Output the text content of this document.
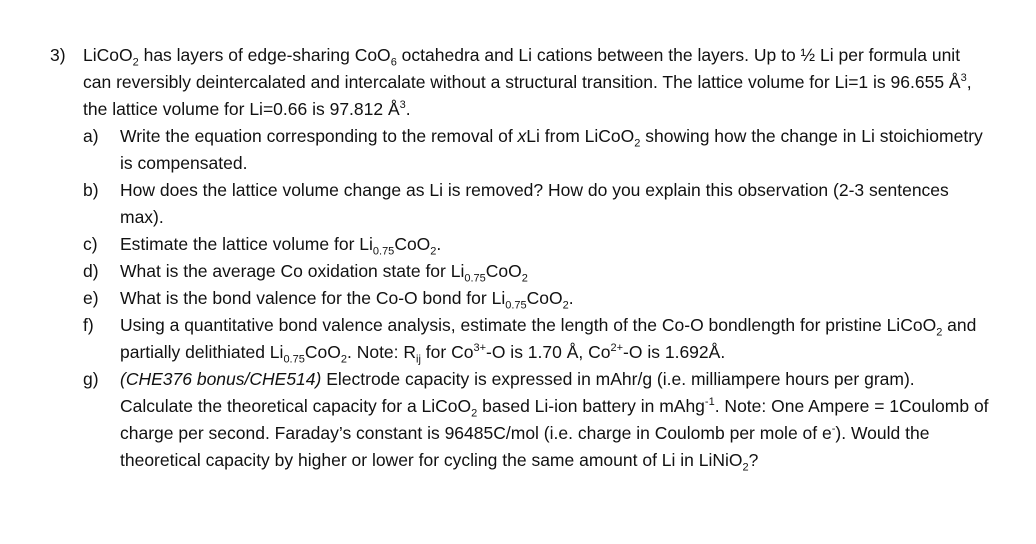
3) LiCoO$_2$ has layers of edge-sharing CoO$_6$ octahedra and Li cations between the layers. Up to ½ Li per formula unit can reversibly deintercalated and intercalate without a structural transition. The lattice volume for Li=1 is 96.655 $Å^3$, the lattice volume for Li=0.66 is 97.812 $Å^3$.
a)	Write the equation corresponding to the removal of xLi from LiCoO$_2$ showing how the change in Li stoichiometry is compensated.
b)	How does the lattice volume change as Li is removed? How do you explain this observation (2-3 sentences max).
c)	Estimate the lattice volume for $Li_{0.75}CoO_2$.
d)	What is the average Co oxidation state for $Li_{0.75}CoO_2$
e)	What is the bond valence for the Co-O bond for $Li_{0.75}CoO_2$.
f)	Using a quantitative bond valence analysis, estimate the length of the Co-O bondlength for pristine LiCoO$_2$ and partially delithiated $Li_{0.75}CoO_2$. Note: $R_{ij}$ for $Co^{3+}-O$ is 1.70 Å, $Co^{2+}-O$ is 1.692Å.
g)	(CHE376 bonus/CHE514) Electrode capacity is expressed in mAhr/g (i.e. milliampere hours per gram). Calculate the theoretical capacity for a LiCoO$_2$ based Li-ion battery in mAhg$^{-1}$. Note: One Ampere = 1Coulomb of charge per second. Faraday’s constant is 96485C/mol (i.e. charge in Coulomb per mole of e-). Would the theoretical capacity by higher or lower for cycling the same amount of Li in LiNiO$_2$?
